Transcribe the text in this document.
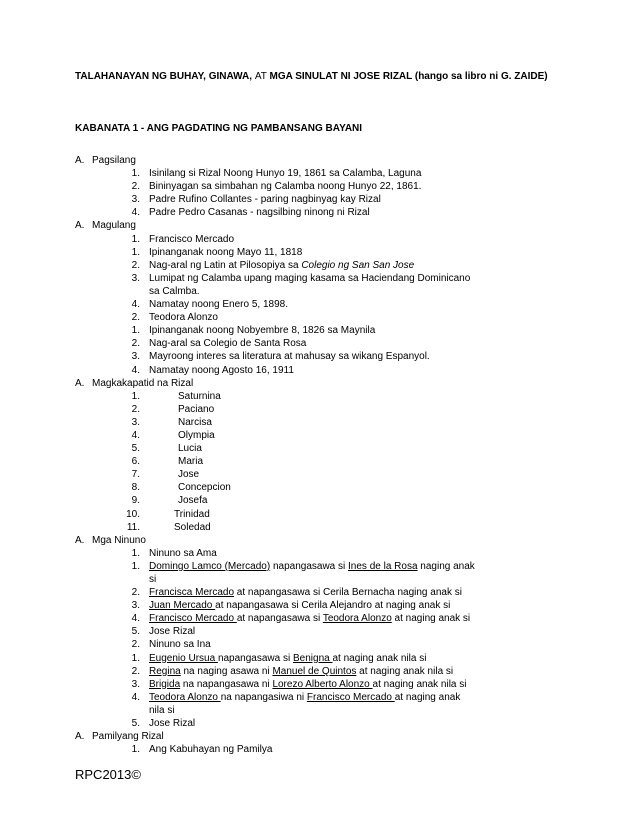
TALAHANAYAN NG BUHAY, GINAWA, AT MGA SINULAT NI JOSE RIZAL (hango sa libro ni G. ZAIDE)
KABANATA 1 - ANG PAGDATING NG PAMBANSANG BAYANI
A. Pagsilang
1. Isinilang si Rizal Noong Hunyo 19, 1861 sa Calamba, Laguna
2. Bininyagan sa simbahan ng Calamba noong Hunyo 22, 1861.
3. Padre Rufino Collantes - paring nagbinyag kay Rizal
4. Padre Pedro Casanas - nagsilbing ninong ni Rizal
A. Magulang
1. Francisco Mercado
1. Ipinanganak noong Mayo 11, 1818
2. Nag-aral ng Latin at Pilosopiya sa Colegio ng San San Jose
3. Lumipat ng Calamba upang maging kasama sa Haciendang Dominicano
sa Calmba.
4. Namatay noong Enero 5, 1898.
2. Teodora Alonzo
1. Ipinanganak noong Nobyembre 8, 1826 sa Maynila
2. Nag-aral sa Colegio de Santa Rosa
3. Mayroong interes sa literatura at mahusay sa wikang Espanyol.
4. Namatay noong Agosto 16, 1911
A. Magkakapatid na Rizal
1.	Saturnina
2.	Paciano
3.	Narcisa
4.	Olympia
5.	Lucia
6.	Maria
7.	Jose
8.	Concepcion
9.	Josefa
10.	Trinidad
11.	Soledad
A. Mga Ninuno
1. Ninuno sa Ama
1. Domingo Lamco (Mercado) napangasawa si Ines de la Rosa naging anak
si
2. Francisca Mercado at napangasawa si Cerila Bernacha naging anak si
3. Juan Mercado at napangasawa si Cerila Alejandro at naging anak si
4. Francisco Mercado at napangasawa si Teodora Alonzo at naging anak si
5. Jose Rizal
2. Ninuno sa Ina
1. Eugenio Ursua napangasawa si Benigna at naging anak nila si
2. Regina na naging asawa ni Manuel de Quintos at naging anak nila si
3. Brigida na napangasawa ni Lorezo Alberto Alonzo at naging anak nila si
4. Teodora Alonzo na napangasiwa ni Francisco Mercado at naging anak
nila si
5. Jose Rizal
A. Pamilyang Rizal
1. Ang Kabuhayan ng Pamilya
RPC2013©
